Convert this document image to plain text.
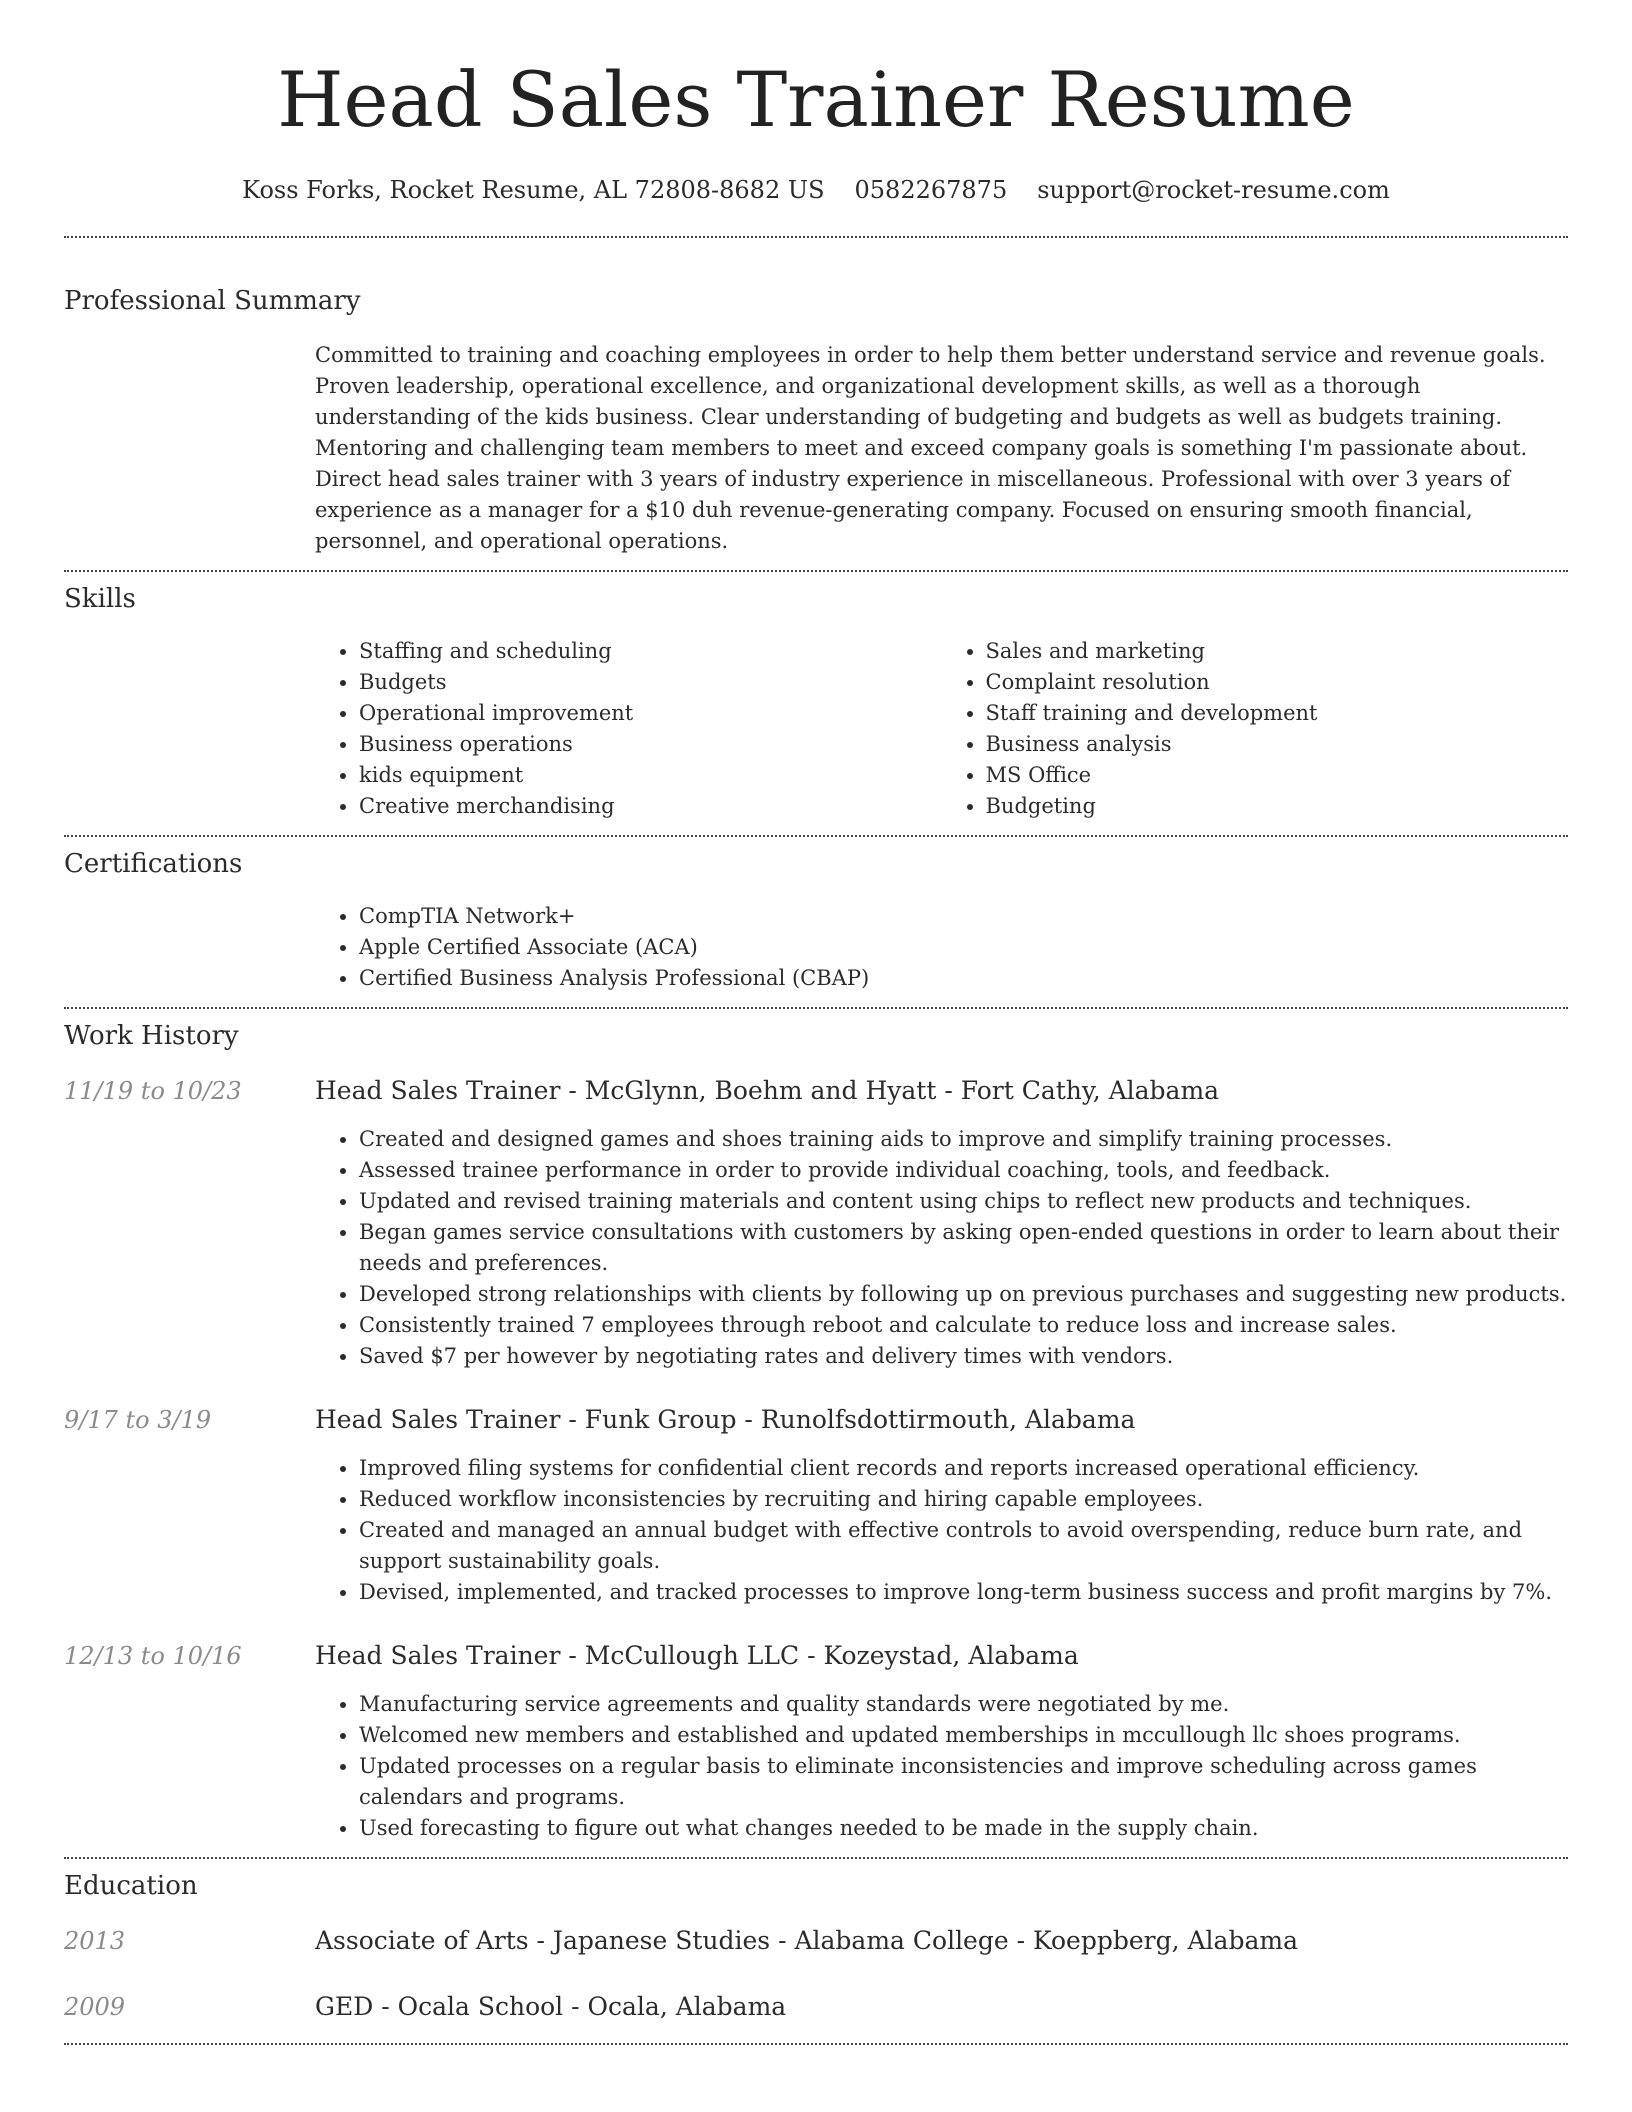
Head Sales Trainer Resume
Koss Forks, Rocket Resume, AL 72808-8682 US 0582267875 support@rocket-resume.com
Professional Summary

Committed to training and coaching employees in order to help them better understand service and revenue goals. Proven leadership, operational excellence, and organizational development skills, as well as a thorough understanding of the kids business. Clear understanding of budgeting and budgets as well as budgets training. Mentoring and challenging team members to meet and exceed company goals is something I'm passionate about. Direct head sales trainer with 3 years of industry experience in miscellaneous. Professional with over 3 years of experience as a manager for a $10 duh revenue-generating company. Focused on ensuring smooth financial, personnel, and operational operations.

Skills
• Staffing and scheduling
• Budgets
• Operational improvement
• Business operations
• kids equipment
• Creative merchandising
• Sales and marketing
• Complaint resolution
• Staff training and development
• Business analysis
• MS Office
• Budgeting
Certifications
• CompTIA Network+
• Apple Certified Associate (ACA)
• Certified Business Analysis Professional (CBAP)
Work History
11/19 to 10/23	Head Sales Trainer - McGlynn, Boehm and Hyatt - Fort Cathy, Alabama
• Created and designed games and shoes training aids to improve and simplify training processes.
• Assessed trainee performance in order to provide individual coaching, tools, and feedback.
• Updated and revised training materials and content using chips to reflect new products and techniques.
• Began games service consultations with customers by asking open-ended questions in order to learn about their needs and preferences.
• Developed strong relationships with clients by following up on previous purchases and suggesting new products.
• Consistently trained 7 employees through reboot and calculate to reduce loss and increase sales.
• Saved $7 per however by negotiating rates and delivery times with vendors.
9/17 to 3/19	Head Sales Trainer - Funk Group - Runolfsdottirmouth, Alabama
• Improved filing systems for confidential client records and reports increased operational efficiency.
• Reduced workflow inconsistencies by recruiting and hiring capable employees.
• Created and managed an annual budget with effective controls to avoid overspending, reduce burn rate, and support sustainability goals.
• Devised, implemented, and tracked processes to improve long-term business success and profit margins by 7%.
12/13 to 10/16	Head Sales Trainer - McCullough LLC - Kozeystad, Alabama
• Manufacturing service agreements and quality standards were negotiated by me.
• Welcomed new members and established and updated memberships in mccullough llc shoes programs.
• Updated processes on a regular basis to eliminate inconsistencies and improve scheduling across games calendars and programs.
• Used forecasting to figure out what changes needed to be made in the supply chain.
Education
2013	Associate of Arts - Japanese Studies - Alabama College - Koeppberg, Alabama
2009	GED - Ocala School - Ocala, Alabama
